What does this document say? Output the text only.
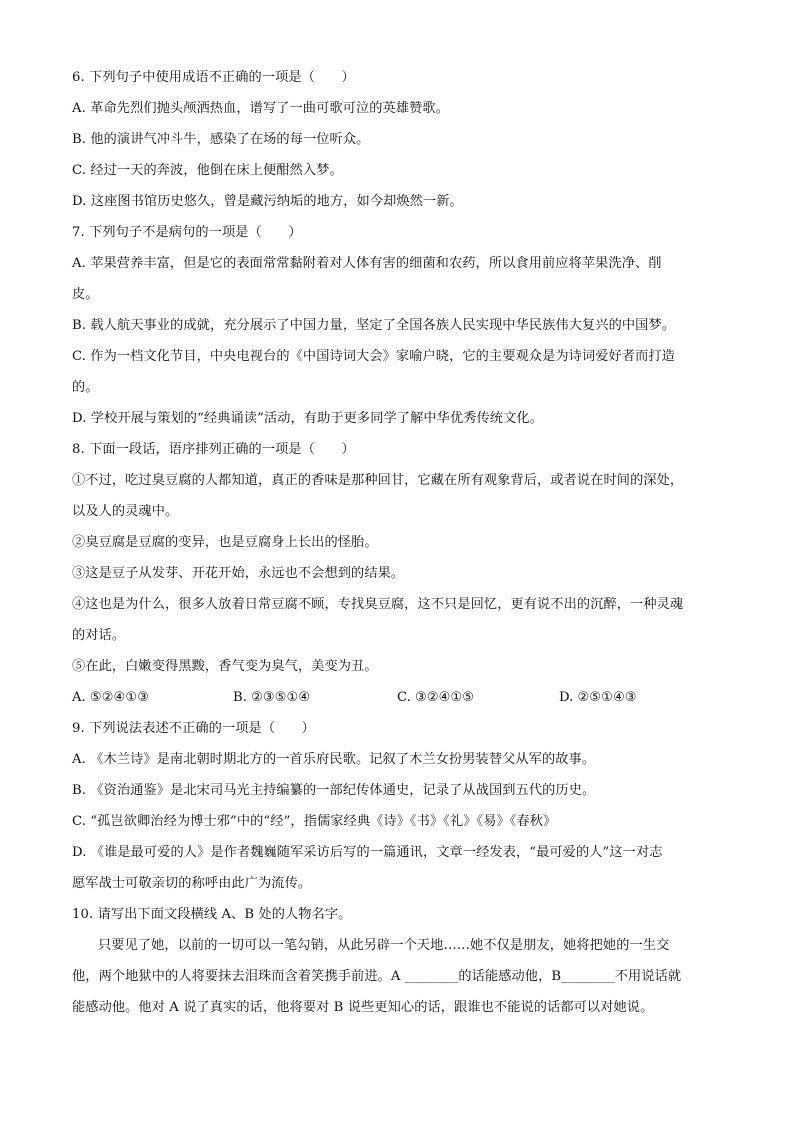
6. 下列句子中使用成语不正确的一项是（　　）
A. 革命先烈们抛头颅洒热血，谱写了一曲可歌可泣的英雄赞歌。
B. 他的演讲气冲斗牛，感染了在场的每一位听众。
C. 经过一天的奔波，他倒在床上便酣然入梦。
D. 这座图书馆历史悠久，曾是藏污纳垢的地方，如今却焕然一新。
7. 下列句子不是病句的一项是（　　）
A. 苹果营养丰富，但是它的表面常常黏附着对人体有害的细菌和农药，所以食用前应将苹果洗净、削
皮。
B. 载人航天事业的成就，充分展示了中国力量，坚定了全国各族人民实现中华民族伟大复兴的中国梦。
C. 作为一档文化节目，中央电视台的《中国诗词大会》家喻户晓，它的主要观众是为诗词爱好者而打造
的。
D. 学校开展与策划的“经典诵读”活动，有助于更多同学了解中华优秀传统文化。
8. 下面一段话，语序排列正确的一项是（　　）
①不过，吃过臭豆腐的人都知道，真正的香味是那种回甘，它藏在所有观象背后，或者说在时间的深处，
以及人的灵魂中。
②臭豆腐是豆腐的变异，也是豆腐身上长出的怪胎。
③这是豆子从发芽、开花开始，永远也不会想到的结果。
④这也是为什么，很多人放着日常豆腐不顾，专找臭豆腐，这不只是回忆，更有说不出的沉醉，一种灵魂
的对话。
⑤在此，白嫩变得黑黢，香气变为臭气，美变为丑。
A. ⑤②④①③	B. ②③⑤①④	C. ③②④①⑤	D. ②⑤①④③
9. 下列说法表述不正确的一项是（　　）
A. 《木兰诗》是南北朝时期北方的一首乐府民歌。记叙了木兰女扮男装替父从军的故事。
B. 《资治通鉴》是北宋司马光主持编纂的一部纪传体通史，记录了从战国到五代的历史。
C. “孤岂欲卿治经为博士邪”中的“经”，指儒家经典《诗》《书》《礼》《易》《春秋》
D. 《谁是最可爱的人》是作者魏巍随军采访后写的一篇通讯，文章一经发表，“最可爱的人”这一对志
愿军战士可敬亲切的称呼由此广为流传。
10. 请写出下面文段横线 A、B 处的人物名字。
只要见了她，以前的一切可以一笔勾销，从此另辟一个天地……她不仅是朋友，她将把她的一生交
他，两个地狱中的人将要抹去泪珠而含着笑携手前进。A ________的话能感动他，B________不用说话就
能感动他。他对 A 说了真实的话，他将要对 B 说些更知心的话，跟谁也不能说的话都可以对她说。
